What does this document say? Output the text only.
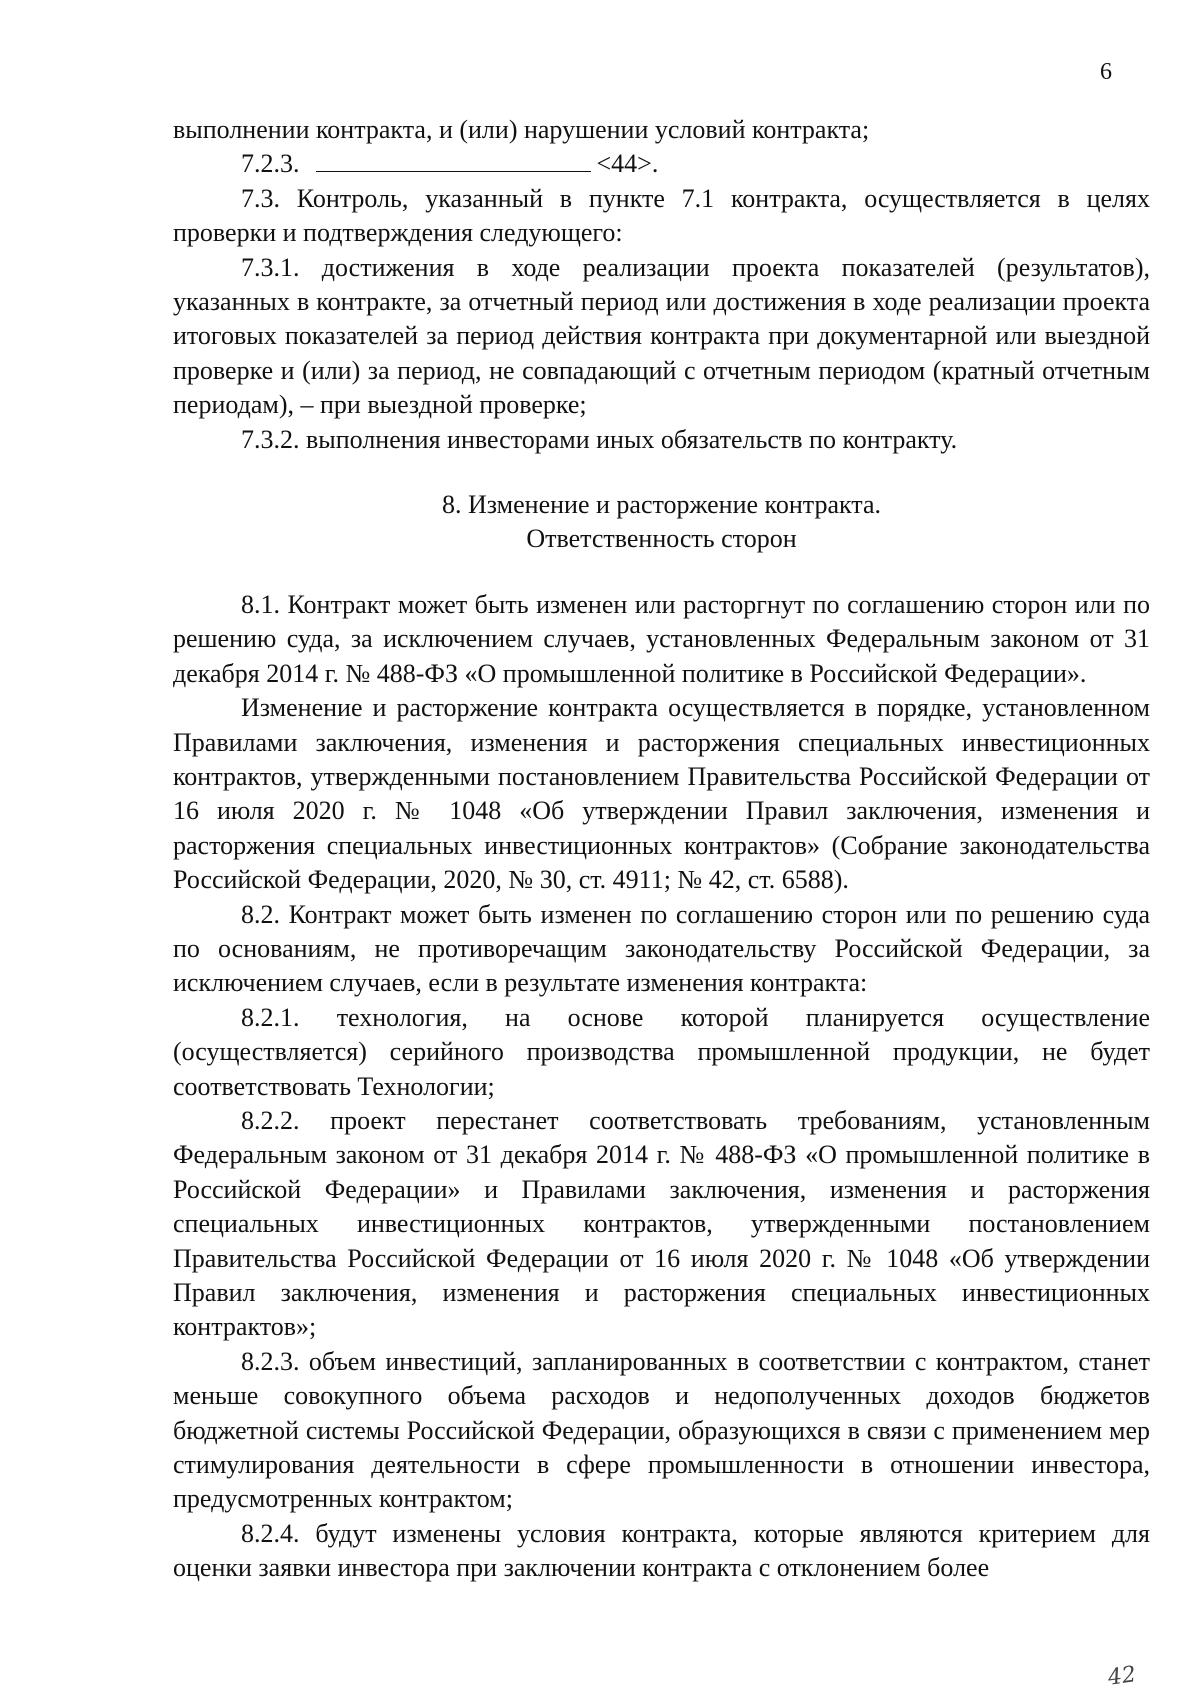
6

выполнении контракта, и (или) нарушении условий контракта;

7.2.3.	<44>.

7.3. Контроль, указанный в пункте 7.1 контракта, осуществляется в целях проверки и подтверждения следующего:

7.3.1. достижения в ходе реализации проекта показателей (результатов), указанных в контракте, за отчетный период или достижения в ходе реализации проекта итоговых показателей за период действия контракта при документарной или выездной проверке и (или) за период, не совпадающий с отчетным периодом (кратный отчетным периодам), – при выездной проверке;

7.3.2. выполнения инвесторами иных обязательств по контракту.

8. Изменение и расторжение контракта.

Ответственность сторон

8.1. Контракт может быть изменен или расторгнут по соглашению сторон или по решению суда, за исключением случаев, установленных Федеральным законом от 31 декабря 2014 г. № 488-ФЗ «О промышленной политике в Российской Федерации».

Изменение и расторжение контракта осуществляется в порядке, установленном Правилами заключения, изменения и расторжения специальных инвестиционных контрактов, утвержденными постановлением Правительства Российской Федерации от 16 июля 2020 г. № 1048 «Об утверждении Правил заключения, изменения и расторжения специальных инвестиционных контрактов» (Собрание законодательства Российской Федерации, 2020, № 30, ст. 4911; № 42, ст. 6588).

8.2. Контракт может быть изменен по соглашению сторон или по решению суда по основаниям, не противоречащим законодательству Российской Федерации, за исключением случаев, если в результате изменения контракта:

8.2.1. технология, на основе которой планируется осуществление (осуществляется) серийного производства промышленной продукции, не будет соответствовать Технологии;

8.2.2. проект перестанет соответствовать требованиям, установленным Федеральным законом от 31 декабря 2014 г. № 488-ФЗ «О промышленной политике в Российской Федерации» и Правилами заключения, изменения и расторжения специальных инвестиционных контрактов, утвержденными постановлением Правительства Российской Федерации от 16 июля 2020 г. № 1048 «Об утверждении Правил заключения, изменения и расторжения специальных инвестиционных контрактов»;

8.2.3. объем инвестиций, запланированных в соответствии с контрактом, станет меньше совокупного объема расходов и недополученных доходов бюджетов бюджетной системы Российской Федерации, образующихся в связи с применением мер стимулирования деятельности в сфере промышленности в отношении инвестора, предусмотренных контрактом;

8.2.4. будут изменены условия контракта, которые являются критерием для оценки заявки инвестора при заключении контракта с отклонением более

42
